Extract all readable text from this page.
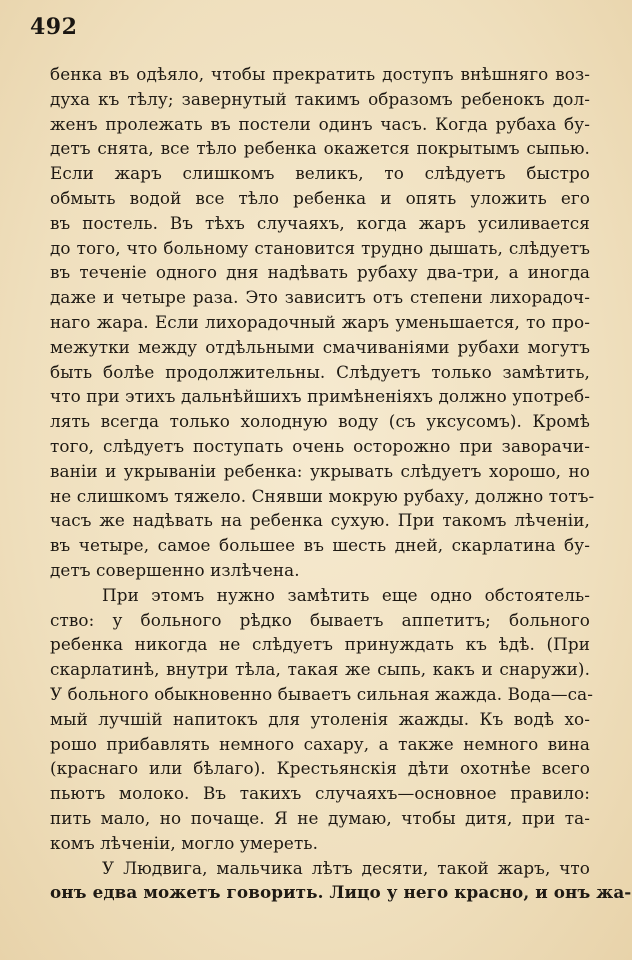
492
бенка въ одѣяло, чтобы прекратить доступъ внѣшняго воз-
духа къ тѣлу; завернутый такимъ образомъ ребенокъ дол-
женъ пролежать въ постели одинъ часъ. Когда рубаха бу-
детъ снята, все тѣло ребенка окажется покрытымъ сыпью.
Если жаръ слишкомъ великъ, то слѣдуетъ быстро
обмыть водой все тѣло ребенка и опять уложить его
въ постель. Въ тѣхъ случаяхъ, когда жаръ усиливается
до того, что больному становится трудно дышать, слѣдуетъ
въ теченіе одного дня надѣвать рубаху два-три, а иногда
даже и четыре раза. Это зависитъ отъ степени лихорадоч-
наго жара. Если лихорадочный жаръ уменьшается, то про-
межутки между отдѣльными смачиваніями рубахи могутъ
быть болѣе продолжительны. Слѣдуетъ только замѣтить,
что при этихъ дальнѣйшихъ примѣненіяхъ должно употреб-
лять всегда только холодную воду (съ уксусомъ). Кромѣ
того, слѣдуетъ поступать очень осторожно при заворачи-
ваніи и укрываніи ребенка: укрывать слѣдуетъ хорошо, но
не слишкомъ тяжело. Снявши мокрую рубаху, должно тотъ-
часъ же надѣвать на ребенка сухую. При такомъ лѣченіи,
въ четыре, самое большее въ шесть дней, скарлатина бу-
детъ совершенно излѣчена.
При этомъ нужно замѣтить еще одно обстоятель-
ство: у больного рѣдко бываетъ аппетитъ; больного
ребенка никогда не слѣдуетъ принуждать къ ѣдѣ. (При
скарлатинѣ, внутри тѣла, такая же сыпь, какъ и снаружи).
У больного обыкновенно бываетъ сильная жажда. Вода—са-
мый лучшій напитокъ для утоленія жажды. Къ водѣ хо-
рошо прибавлять немного сахару, а также немного вина
(краснаго или бѣлаго). Крестьянскія дѣти охотнѣе всего
пьютъ молоко. Въ такихъ случаяхъ—основное правило:
пить мало, но почаще. Я не думаю, чтобы дитя, при та-
комъ лѣченіи, могло умереть.
У Людвига, мальчика лѣтъ десяти, такой жаръ, что
онъ едва можетъ говорить. Лицо у него красно, и онъ жа-
